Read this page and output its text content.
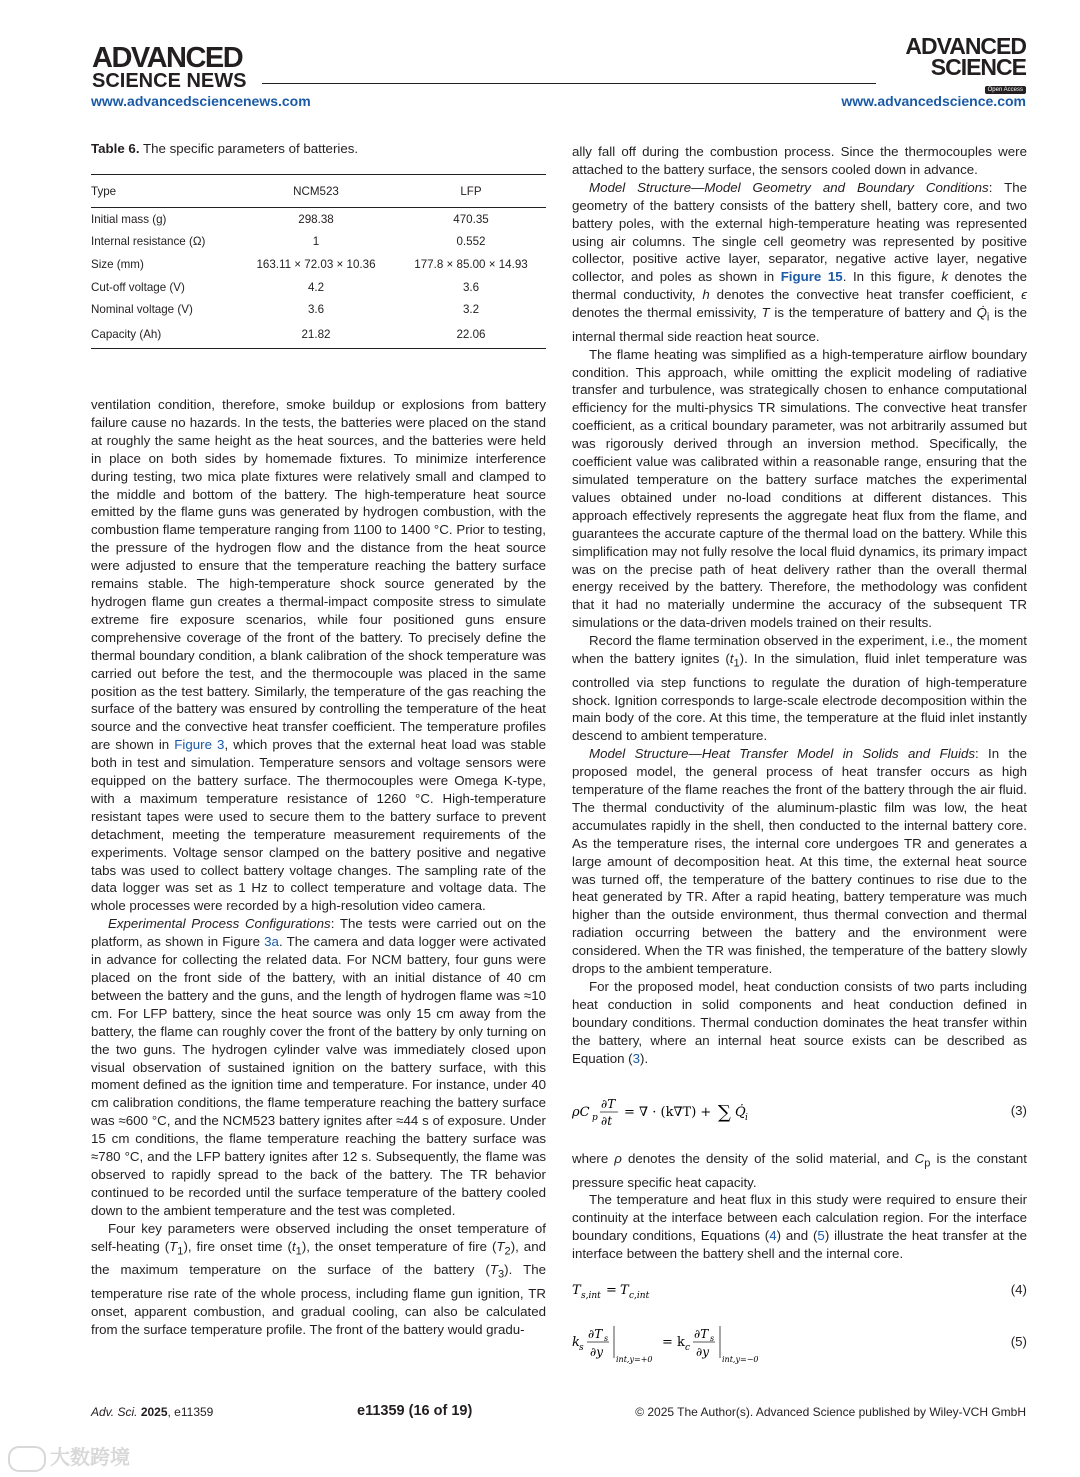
ADVANCED
SCIENCE NEWS
ADVANCED
SCIENCE
Open Access
www.advancedsciencenews.com	www.advancedscience.com
Table 6. The specific parameters of batteries.
Type	NCM523	LFP
Initial mass (g)	298.38	470.35
Internal resistance (Ω)	1	0.552
Size (mm)	163.11 × 72.03 × 10.36	177.8 × 85.00 × 14.93
Cut-off voltage (V)	4.2	3.6
Nominal voltage (V)	3.6	3.2
Capacity (Ah)	21.82	22.06

ventilation condition, therefore, smoke buildup or explosions from battery failure cause no hazards. In the tests, the batteries were placed on the stand at roughly the same height as the heat sources, and the batteries were held in place on both sides by homemade fixtures. To minimize interference during testing, two mica plate fixtures were relatively small and clamped to the middle and bottom of the battery. The high-temperature heat source emitted by the flame guns was generated by hydrogen combustion, with the combustion flame temperature ranging from 1100 to 1400 °C. Prior to testing, the pressure of the hydrogen flow and the distance from the heat source were adjusted to ensure that the temperature reaching the battery surface remains stable. The high-temperature shock source generated by the hydrogen flame gun creates a thermal-impact composite stress to simulate extreme fire exposure scenarios, while four positioned guns ensure comprehensive coverage of the front of the battery. To precisely define the thermal boundary condition, a blank calibration of the shock temperature was carried out before the test, and the thermocouple was placed in the same position as the test battery. Similarly, the temperature of the gas reaching the surface of the battery was ensured by controlling the temperature of the heat source and the convective heat transfer coefficient. The temperature profiles are shown in Figure 3, which proves that the external heat load was stable both in test and simulation. Temperature sensors and voltage sensors were equipped on the battery surface. The thermocouples were Omega K-type, with a maximum temperature resistance of 1260 °C. High-temperature resistant tapes were used to secure them to the battery surface to prevent detachment, meeting the temperature measurement requirements of the experiments. Voltage sensor clamped on the battery positive and negative tabs was used to collect battery voltage changes. The sampling rate of the data logger was set as 1 Hz to collect temperature and voltage data. The whole processes were recorded by a high-resolution video camera.

Experimental Process Configurations: The tests were carried out on the platform, as shown in Figure 3a. The camera and data logger were activated in advance for collecting the related data. For NCM battery, four guns were placed on the front side of the battery, with an initial distance of 40 cm between the battery and the guns, and the length of hydrogen flame was ≈10 cm. For LFP battery, since the heat source was only 15 cm away from the battery, the flame can roughly cover the front of the battery by only turning on the two guns. The hydrogen cylinder valve was immediately closed upon visual observation of sustained ignition on the battery surface, with this moment defined as the ignition time and temperature. For instance, under 40 cm calibration conditions, the flame temperature reaching the battery surface was ≈600 °C, and the NCM523 battery ignites after ≈44 s of exposure. Under 15 cm conditions, the flame temperature reaching the battery surface was ≈780 °C, and the LFP battery ignites after 12 s. Subsequently, the flame was observed to rapidly spread to the back of the battery. The TR behavior continued to be recorded until the surface temperature of the battery cooled down to the ambient temperature and the test was completed.

Four key parameters were observed including the onset temperature of self-heating $(T_1)$, fire onset time $(t_1)$, the onset temperature of fire $(T_2)$, and the maximum temperature on the surface of the battery $(T_3)$. The temperature rise rate of the whole process, including flame gun ignition, TR onset, apparent combustion, and gradual cooling, can also be calculated from the surface temperature profile. The front of the battery would gradu-

ally fall off during the combustion process. Since the thermocouples were attached to the battery surface, the sensors cooled down in advance.

Model Structure—Model Geometry and Boundary Conditions: The geometry of the battery consists of the battery shell, battery core, and two battery poles, with the external high-temperature heating was represented using air columns. The single cell geometry was represented by positive collector, positive active layer, separator, negative active layer, negative collector, and poles as shown in Figure 15. In this figure, k denotes the thermal conductivity, h denotes the convective heat transfer coefficient, ϵ denotes the thermal emissivity, T is the temperature of battery and $Q̇_i$ is the internal thermal side reaction heat source.

The flame heating was simplified as a high-temperature airflow boundary condition. This approach, while omitting the explicit modeling of radiative transfer and turbulence, was strategically chosen to enhance computational efficiency for the multi-physics TR simulations. The convective heat transfer coefficient, as a critical boundary parameter, was not arbitrarily assumed but was rigorously derived through an inversion method. Specifically, the coefficient value was calibrated within a reasonable range, ensuring that the simulated temperature on the battery surface matches the experimental values obtained under no-load conditions at different distances. This approach effectively represents the aggregate heat flux from the flame, and guarantees the accurate capture of the thermal load on the battery. While this simplification may not fully resolve the local fluid dynamics, its primary impact was on the precise path of heat delivery rather than the overall thermal energy received by the battery. Therefore, the methodology was confident that it had no materially undermine the accuracy of the subsequent TR simulations or the data-driven models trained on their results.

Record the flame termination observed in the experiment, i.e., the moment when the battery ignites $(t_1)$. In the simulation, fluid inlet temperature was controlled via step functions to regulate the duration of high-temperature shock. Ignition corresponds to large-scale electrode decomposition within the main body of the core. At this time, the temperature at the fluid inlet instantly descend to ambient temperature.

Model Structure—Heat Transfer Model in Solids and Fluids: In the proposed model, the general process of heat transfer occurs as high temperature of the flame reaches the front of the battery through the air fluid. The thermal conductivity of the aluminum-plastic film was low, the heat accumulates rapidly in the shell, then conducted to the internal battery core. As the temperature rises, the internal core undergoes TR and generates a large amount of decomposition heat. At this time, the external heat source was turned off, the temperature of the battery continues to rise due to the heat generated by TR. After a rapid heating, battery temperature was much higher than the outside environment, thus thermal convection and thermal radiation occurring between the battery and the environment were considered. When the TR was finished, the temperature of the battery slowly drops to the ambient temperature.

For the proposed model, heat conduction consists of two parts including heat conduction in solid components and heat conduction defined in boundary conditions. Thermal conduction dominates the heat transfer within the battery, where an internal heat source exists can be described as Equation (3).

ρC p
∂T
∂t
= ∇ · (k∇T) + ∑ Q̇ i	(3)

where ρ denotes the density of the solid material, and $C_p$ is the constant pressure specific heat capacity.

The temperature and heat flux in this study were required to ensure their continuity at the interface between each calculation region. For the interface boundary conditions, Equations (4) and (5) illustrate the heat transfer at the interface between the battery shell and the internal core.

T s,int = T c,int	(4)
k s
∂T s
∂y
int,y=+0
= k c
∂T s
∂y
int,y=−0
(5)
Adv. Sci. 2025, e11359	e11359 (16 of 19)	© 2025 The Author(s). Advanced Science published by Wiley-VCH GmbH
大数跨境
